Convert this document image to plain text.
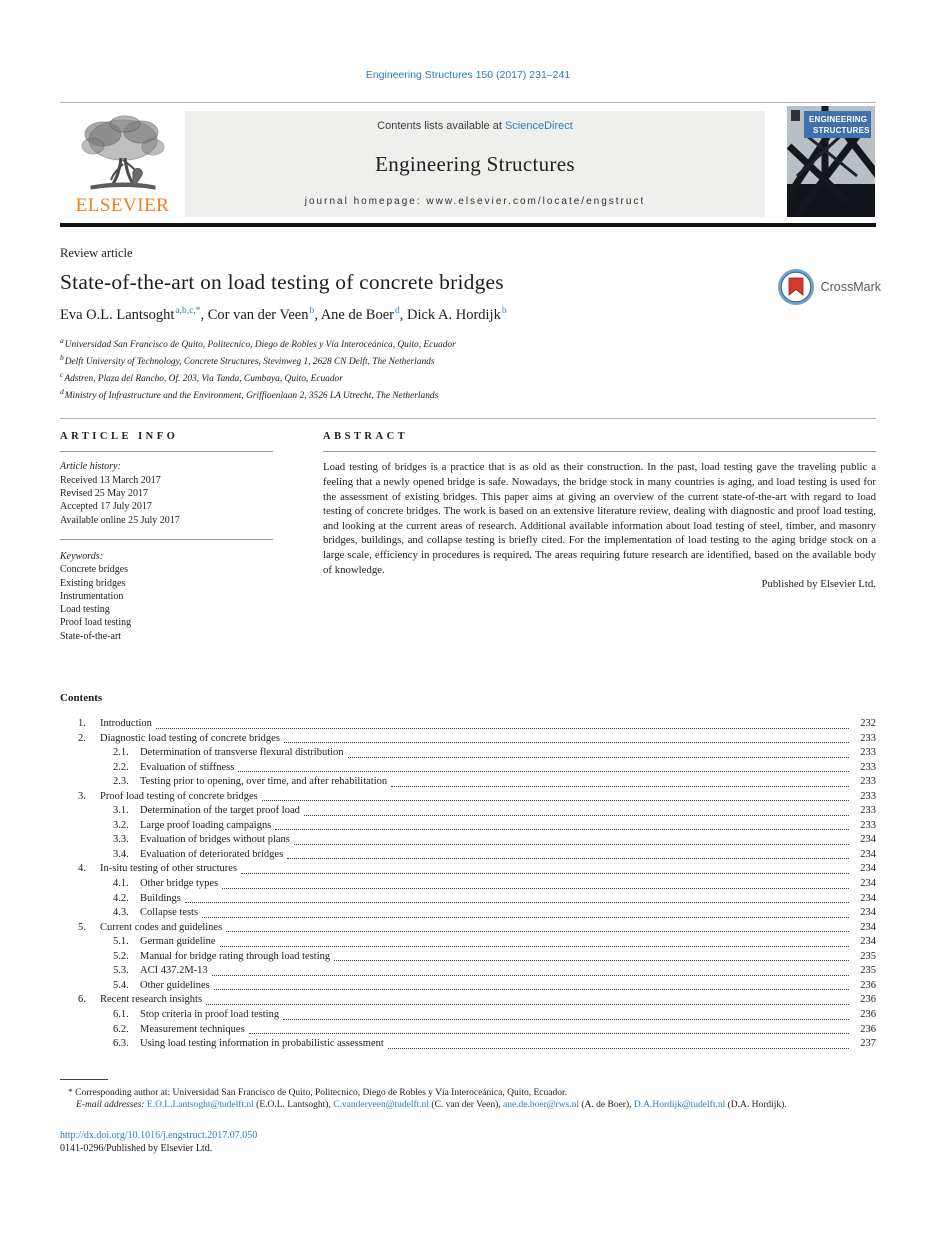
Engineering Structures 150 (2017) 231–241
ELSEVIER
Contents lists available at ScienceDirect
Engineering Structures
journal homepage: www.elsevier.com/locate/engstruct
ENGINEERING
STRUCTURES
Review article
State-of-the-art on load testing of concrete bridges	CrossMark
Eva O.L. Lantsoght$^{a,b,c,*}$, Cor van der Veen$^b$, Ane de Boer$^d$, Dick A. Hordijk$^b$
$^a$Universidad San Francisco de Quito, Politecnico, Diego de Robles y Vía Interoceánica, Quito, Ecuador
$^b$Delft University of Technology, Concrete Structures, Stevinweg 1, 2628 CN Delft, The Netherlands
$^c$Adstren, Plaza del Rancho, Of. 203, Via Tanda, Cumbaya, Quito, Ecuador
$^d$Ministry of Infrastructure and the Environment, Griffioenlaan 2, 3526 LA Utrecht, The Netherlands
ARTICLE INFO
Article history:
Received 13 March 2017
Revised 25 May 2017
Accepted 17 July 2017
Available online 25 July 2017
Keywords:
Concrete bridges
Existing bridges
Instrumentation
Load testing
Proof load testing
State-of-the-art
ABSTRACT
Load testing of bridges is a practice that is as old as their construction. In the past, load testing gave the traveling public a feeling that a newly opened bridge is safe. Nowadays, the bridge stock in many countries is aging, and load testing is used for the assessment of existing bridges. This paper aims at giving an overview of the current state-of-the-art with regard to load testing of concrete bridges. The work is based on an extensive literature review, dealing with diagnostic and proof load testing, and looking at the current areas of research. Additional available information about load testing of steel, timber, and masonry bridges, buildings, and collapse testing is briefly cited. For the implementation of load testing to the aging bridge stock on a large scale, efficiency in procedures is required. The areas requiring future research are identified, based on the available body of knowledge.
Published by Elsevier Ltd.
Contents
1.	Introduction	232
2.	Diagnostic load testing of concrete bridges	233
2.1.	Determination of transverse flexural distribution	233
2.2.	Evaluation of stiffness	233
2.3.	Testing prior to opening, over time, and after rehabilitation	233
3.	Proof load testing of concrete bridges	233
3.1.	Determination of the target proof load	233
3.2.	Large proof loading campaigns	233
3.3.	Evaluation of bridges without plans	234
3.4.	Evaluation of deteriorated bridges	234
4.	In-situ testing of other structures	234
4.1.	Other bridge types	234
4.2.	Buildings	234
4.3.	Collapse tests	234
5.	Current codes and guidelines	234
5.1.	German guideline	234
5.2.	Manual for bridge rating through load testing	235
5.3.	ACI 437.2M-13	235
5.4.	Other guidelines	236
6.	Recent research insights	236
6.1.	Stop criteria in proof load testing	236
6.2.	Measurement techniques	236
6.3.	Using load testing information in probabilistic assessment	237
* Corresponding author at: Universidad San Francisco de Quito, Politecnico, Diego de Robles y Vía Interoceánica, Quito, Ecuador.
E-mail addresses: E.O.L.Lantsoght@tudelft.nl (E.O.L. Lantsoght), C.vanderveen@tudelft.nl (C. van der Veen), ane.de.boer@rws.nl (A. de Boer), D.A.Hordijk@tudelft.nl (D.A. Hordijk).
http://dx.doi.org/10.1016/j.engstruct.2017.07.050
0141-0296/Published by Elsevier Ltd.
